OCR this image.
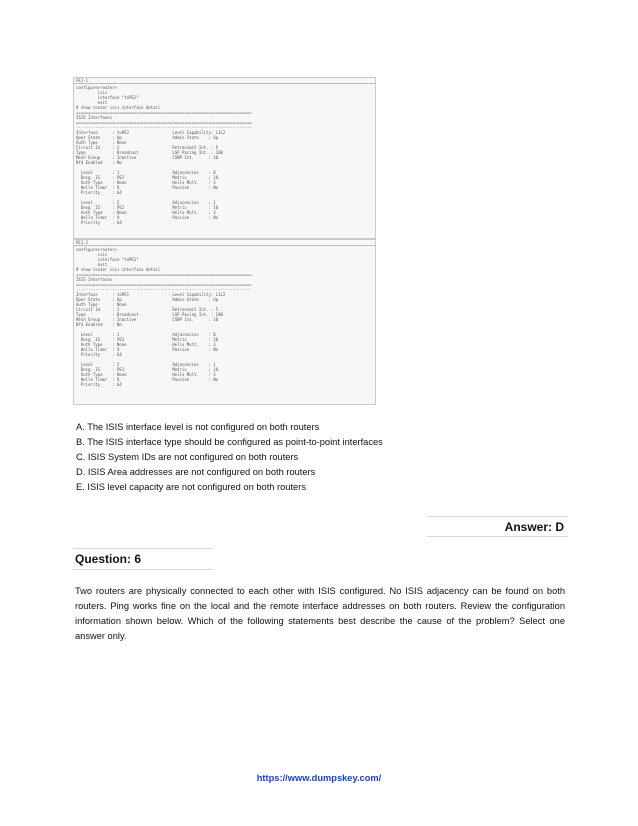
PE1-1
configure>router>
isis
interface "toPE2"
exit
# show router isis interface detail
=========================================================================
ISIS Interfaces
=========================================================================
-------------------------------------------------------------------------
Interface      : toPE2                  Level Capability: L1L2
Oper State     : Up                     Admin State    : Up
Auth Type      : None
Circuit Id     : 2                      Retransmit Int. : 5
Type           : Broadcast              LSP Pacing Int. : 100
Mesh Group     : Inactive               CSNP Int.      : 10
Bfd Enabled    : No

Level        : 1                      Adjacencies    : 0
Desg. IS     : PE2                    Metric         : 10
Auth Type    : None                   Hello Mult.    : 3
Hello Timer  : 9                      Passive        : No
Priority     : 64

Level        : 2                      Adjacencies    : 1
Desg. IS     : PE2                    Metric         : 10
Auth Type    : None                   Hello Mult.    : 3
Hello Timer  : 9                      Passive        : No
Priority     : 64
PE1-2
configure>router>
isis
interface "toPE1"
exit
# show router isis interface detail
=========================================================================
ISIS Interfaces
=========================================================================
-------------------------------------------------------------------------
Interface      : toPE1                  Level Capability: L1L2
Oper State     : Up                     Admin State    : Up
Auth Type      : None
Circuit Id     : 2                      Retransmit Int. : 5
Type           : Broadcast              LSP Pacing Int. : 100
Mesh Group     : Inactive               CSNP Int.      : 10
Bfd Enabled    : No

Level        : 1                      Adjacencies    : 0
Desg. IS     : PE2                    Metric         : 10
Auth Type    : None                   Hello Mult.    : 3
Hello Timer  : 9                      Passive        : No
Priority     : 64

Level        : 2                      Adjacencies    : 1
Desg. IS     : PE1                    Metric         : 10
Auth Type    : None                   Hello Mult.    : 3
Hello Timer  : 9                      Passive        : No
Priority     : 64
A. The ISIS interface level is not configured on both routers
B. The ISIS interface type should be configured as point-to-point interfaces
C. ISIS System IDs are not configured on both routers
D. ISIS Area addresses are not configured on both routers
E. ISIS level capacity are not configured on both routers
Answer: D
Question: 6
Two routers are physically connected to each other with ISIS configured. No ISIS adjacency can be found on both routers. Ping works fine on the local and the remote interface addresses on both routers. Review the configuration information shown below. Which of the following statements best describe the cause of the problem? Select one answer only.
https://www.dumpskey.com/
